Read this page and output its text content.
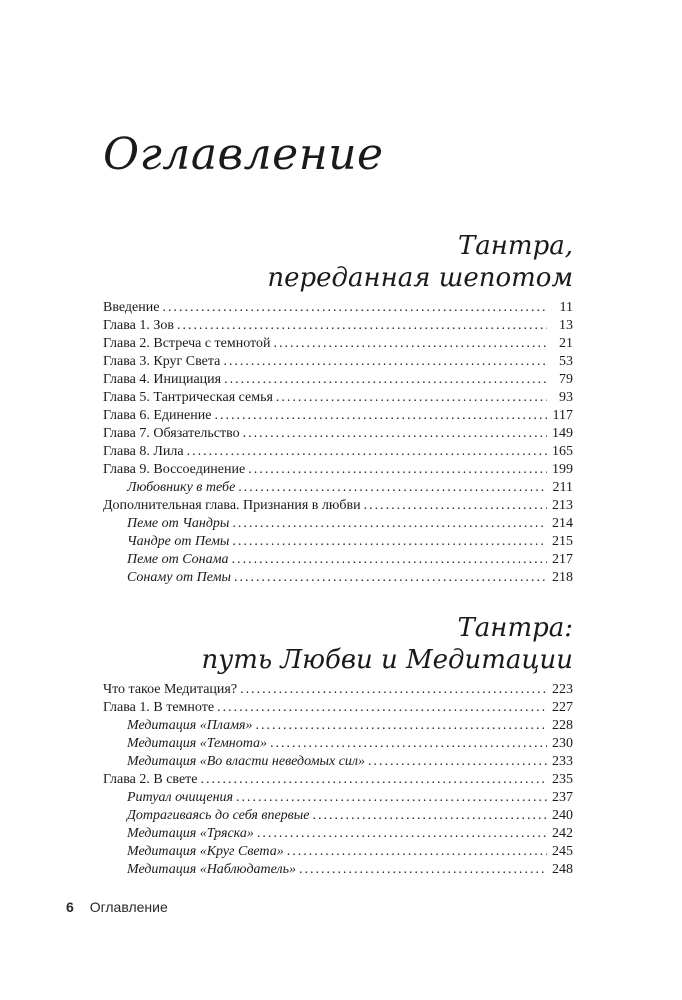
Оглавление
Тантра,
переданная шепотом
Введение .....	11
Глава 1. Зов .....	13
Глава 2. Встреча с темнотой .....	21
Глава 3. Круг Света .....	53
Глава 4. Инициация .....	79
Глава 5. Тантрическая семья .....	93
Глава 6. Единение .....	117
Глава 7. Обязательство .....	149
Глава 8. Лила .....	165
Глава 9. Воссоединение .....	199
Любовнику в тебе .....	211
Дополнительная глава. Признания в любви .....	213
Пеме от Чандры .....	214
Чандре от Пемы .....	215
Пеме от Сонама .....	217
Сонаму от Пемы .....	218
Тантра:
путь Любви и Медитации
Что такое Медитация? .....	223
Глава 1. В темноте .....	227
Медитация «Пламя» .....	228
Медитация «Темнота» .....	230
Медитация «Во власти неведомых сил» .....	233
Глава 2. В свете .....	235
Ритуал очищения .....	237
Дотрагиваясь до себя впервые .....	240
Медитация «Тряска» .....	242
Медитация «Круг Света» .....	245
Медитация «Наблюдатель» .....	248
6 Оглавление
